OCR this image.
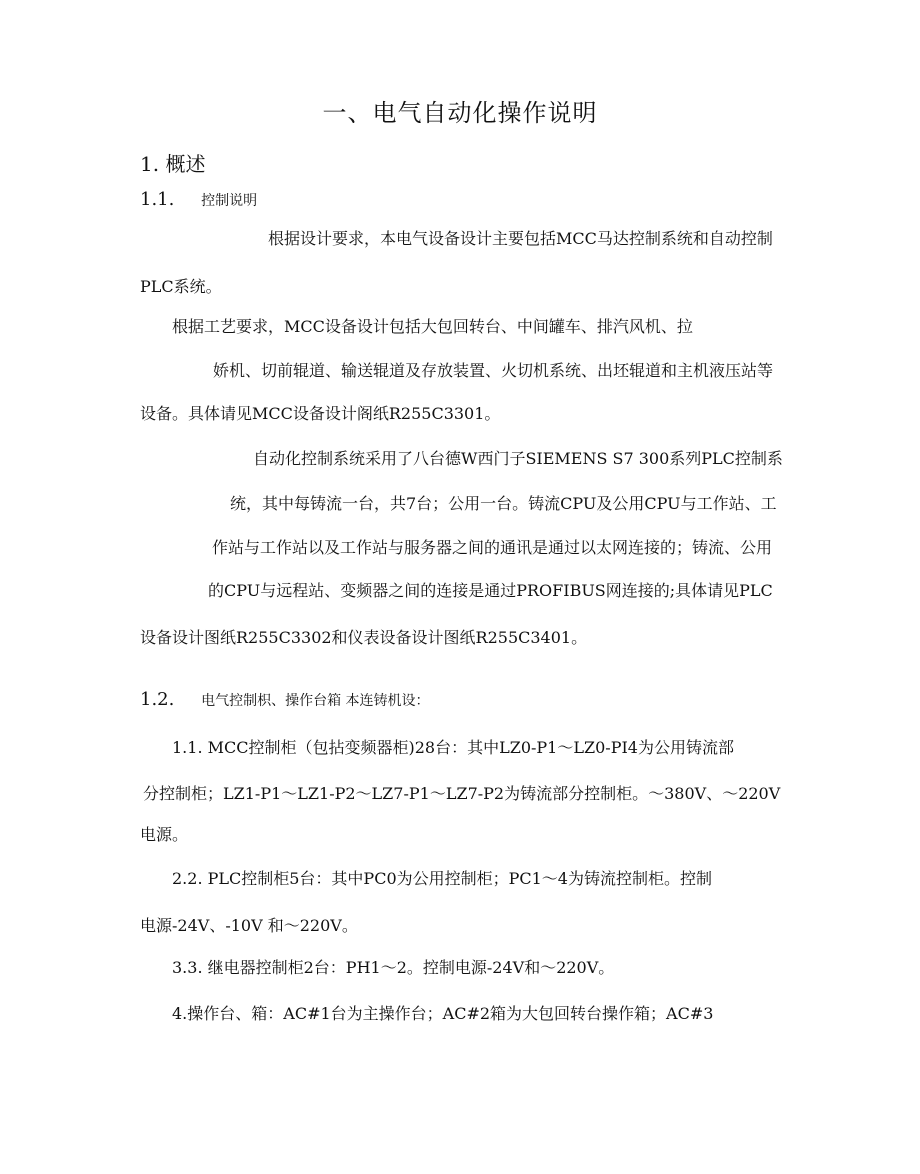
一、电气自动化操作说明
1. 概述
1.1. 控制说明
根据设计要求，本电气设备设计主要包括MCC马达控制系统和自动控制
PLC系统。
根据工艺要求，MCC设备设计包括大包回转台、中间罐车、排汽风机、拉
娇机、切前辊道、输送辊道及存放装置、火切机系统、出坯辊道和主机液压站等
设备。具体请见MCC设备设计阁纸R255C3301。
自动化控制系统采用了八台德W西门子SIEMENS S7 300系列PLC控制系
统，其中每铸流一台，共7台；公用一台。铸流CPU及公用CPU与工作站、工
作站与工作站以及工作站与服务器之间的通讯是通过以太网连接的；铸流、公用
的CPU与远程站、变频器之间的连接是通过PROFIBUS网连接的;具体请见PLC
设备设计图纸R255C3302和仪表设备设计图纸R255C3401。
1.2. 电气控制枳、操作台箱 本连铸机设：
1.1. MCC控制柜（包拈变频器柜)28台：其中LZ0-P1～LZ0-PI4为公用铸流部
分控制柜；LZ1-P1～LZ1-P2～LZ7-P1～LZ7-P2为铸流部分控制柜。～380V、～220V
电源。
2.2. PLC控制柜5台：其中PC0为公用控制柜；PC1～4为铸流控制柜。控制
电源-24V、-10V 和～220V。
3.3. 继电器控制柜2台：PH1～2。控制电源-24V和～220V。
4.操作台、箱：AC#1台为主操作台；AC#2箱为大包回转台操作箱；AC#3
